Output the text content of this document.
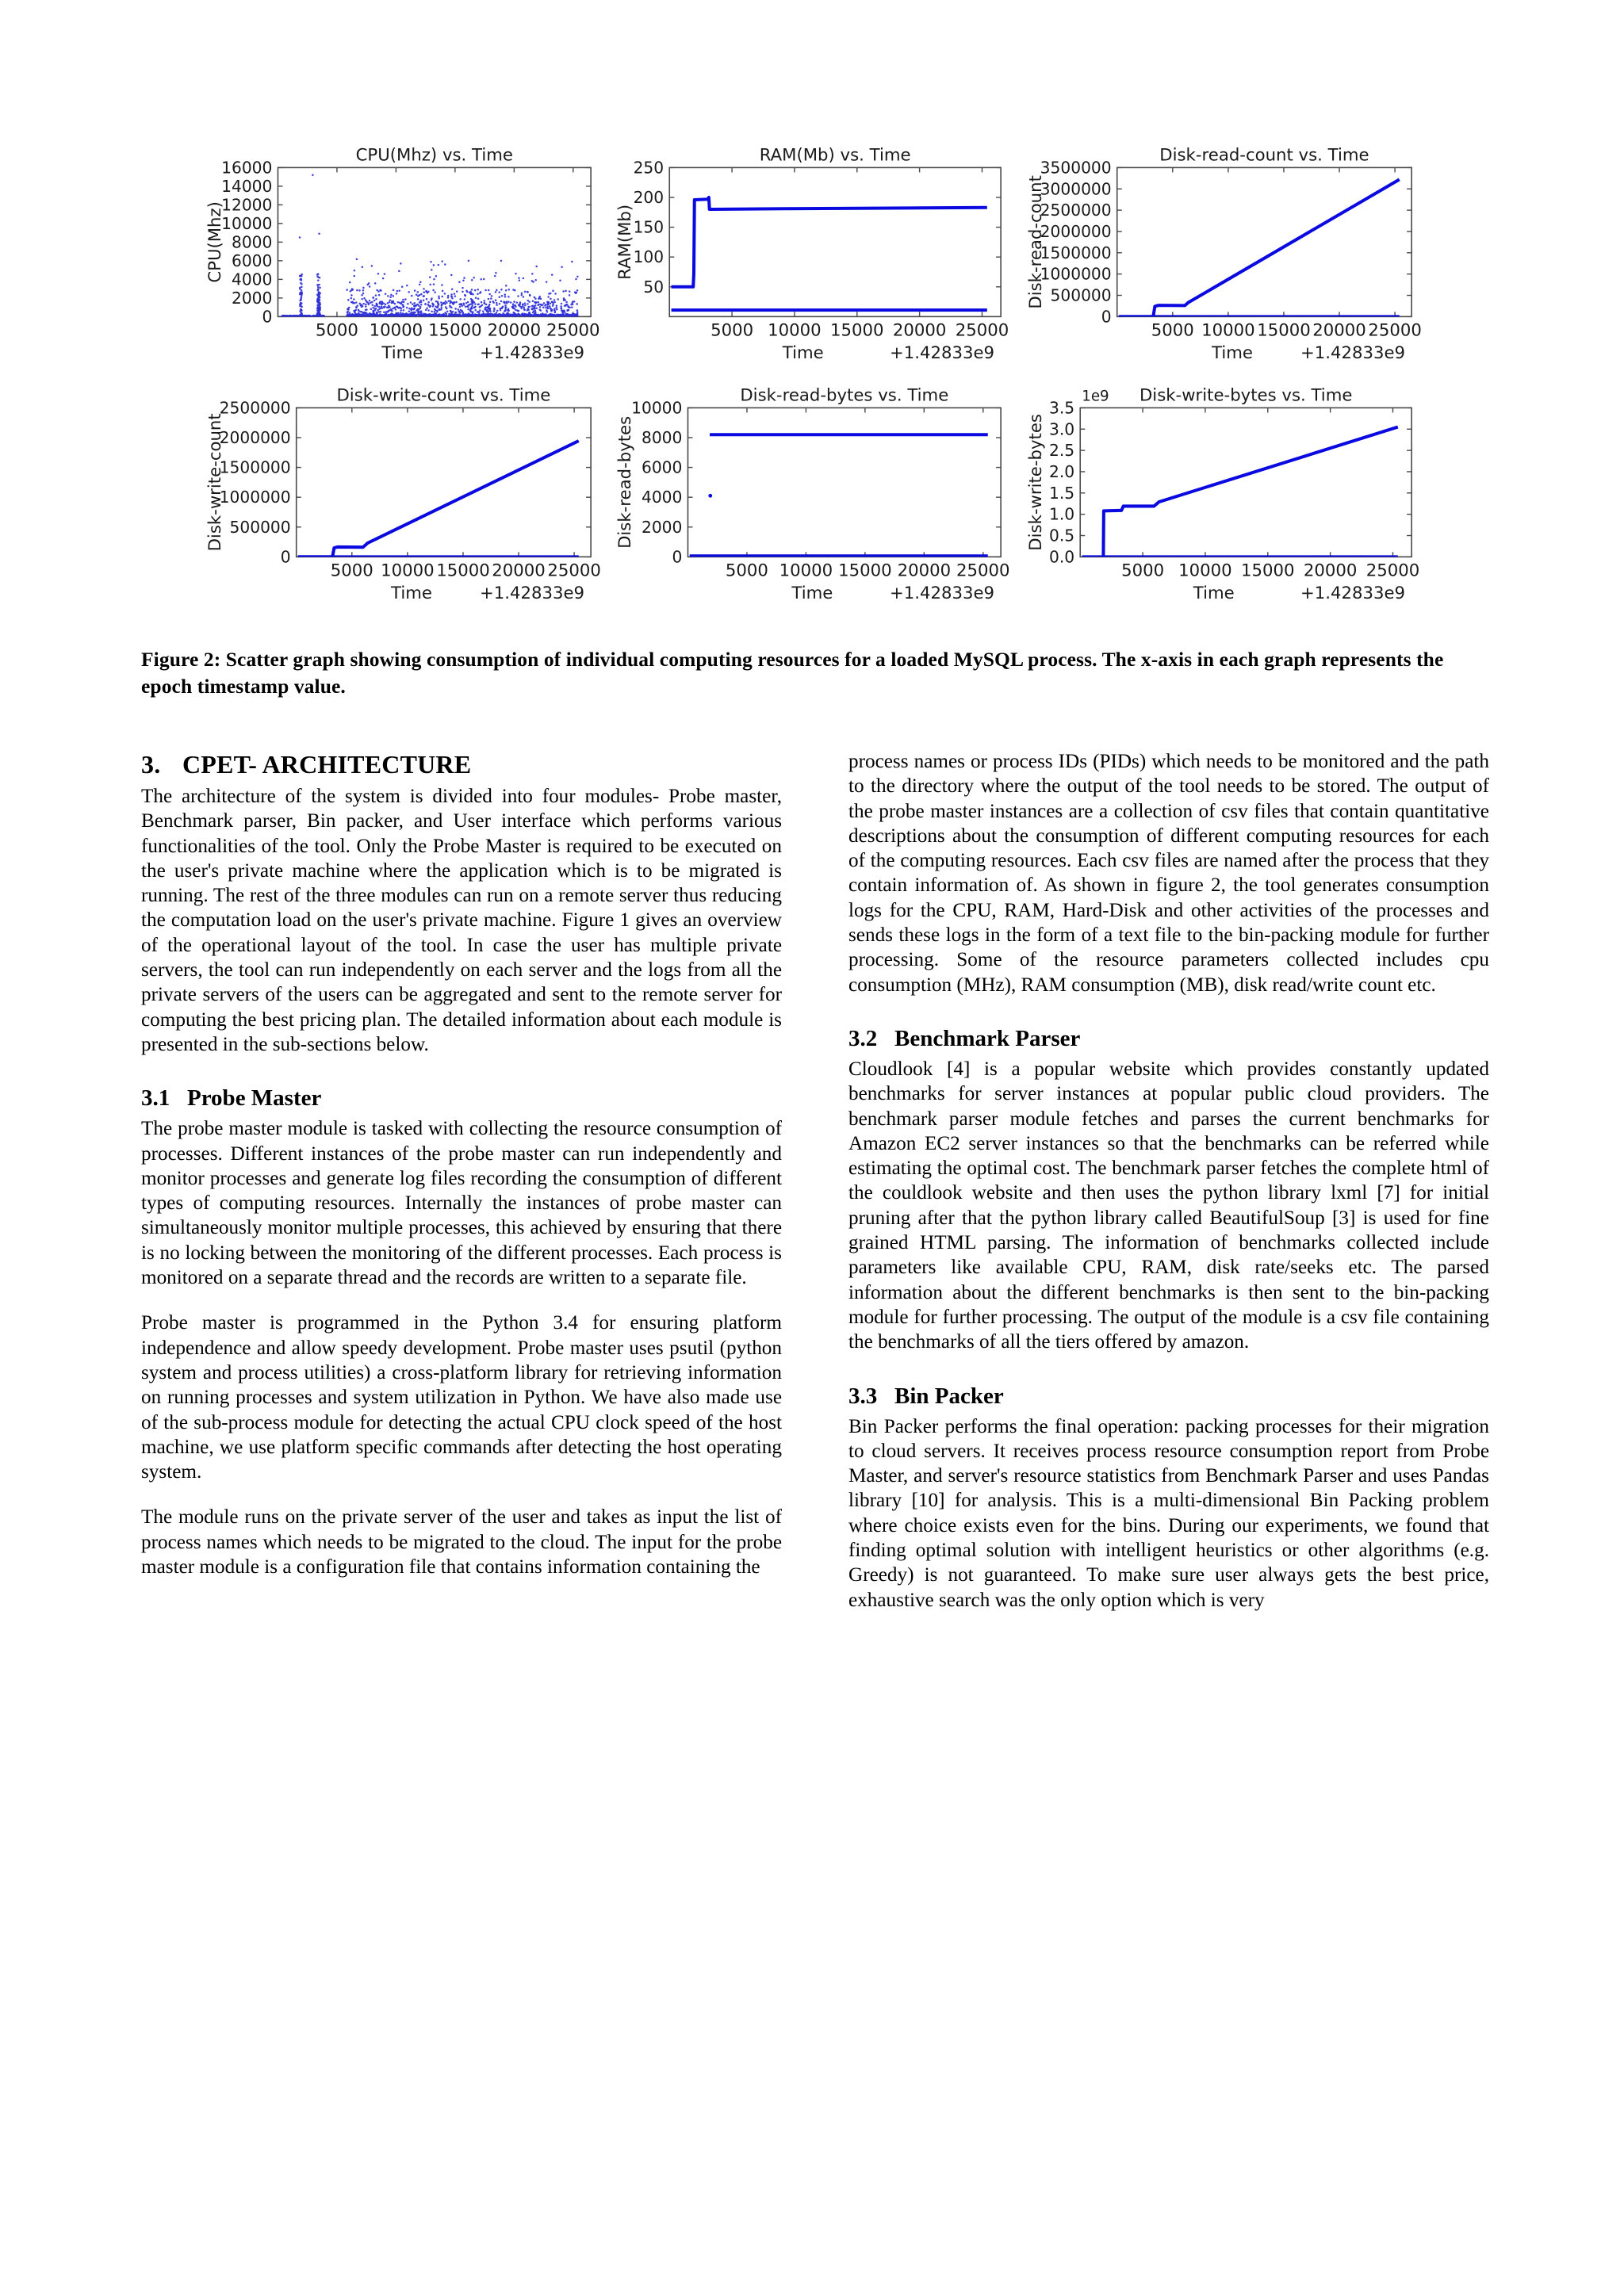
CPU(Mhz) vs. Time
0
2000
4000
6000
8000
10000
12000
14000
16000
5000 10000 15000 20000 25000
Time	+1.42833e9
CPU(Mhz)
RAM(Mb) vs. Time
50
100
150
200
250
5000 10000 15000 20000 25000
Time	+1.42833e9
RAM(Mb)
Disk-read-count vs. Time
0
500000
1000000
1500000
2000000
2500000
3000000
3500000
5000 10000 15000 20000 25000
Time	+1.42833e9
Disk-read-count
Disk-write-count vs. Time
0
500000
1000000
1500000
2000000
2500000
5000 10000 15000 20000 25000
Time	+1.42833e9
Disk-write-count
Disk-read-bytes vs. Time
0
2000
4000
6000
8000
10000
5000 10000 15000 20000 25000
Time	+1.42833e9
Disk-read-bytes
Disk-write-bytes vs. Time
1e9
0.0
0.5
1.0
1.5
2.0
2.5
3.0
3.5
5000 10000 15000 20000 25000
Time	+1.42833e9
Disk-write-bytes
Figure 2: Scatter graph showing consumption of individual computing resources for a loaded MySQL process. The x-axis in each graph represents the epoch timestamp value.
3. CPET- ARCHITECTURE

The architecture of the system is divided into four modules- Probe master, Benchmark parser, Bin packer, and User interface which performs various functionalities of the tool. Only the Probe Master is required to be executed on the user's private machine where the application which is to be migrated is running. The rest of the three modules can run on a remote server thus reducing the computation load on the user's private machine. Figure 1 gives an overview of the operational layout of the tool. In case the user has multiple private servers, the tool can run independently on each server and the logs from all the private servers of the users can be aggregated and sent to the remote server for computing the best pricing plan. The detailed information about each module is presented in the sub-sections below.

3.1 Probe Master

The probe master module is tasked with collecting the resource consumption of processes. Different instances of the probe master can run independently and monitor processes and generate log files recording the consumption of different types of computing resources. Internally the instances of probe master can simultaneously monitor multiple processes, this achieved by ensuring that there is no locking between the monitoring of the different processes. Each process is monitored on a separate thread and the records are written to a separate file.

Probe master is programmed in the Python 3.4 for ensuring platform independence and allow speedy development. Probe master uses psutil (python system and process utilities) a cross-platform library for retrieving information on running processes and system utilization in Python. We have also made use of the sub-process module for detecting the actual CPU clock speed of the host machine, we use platform specific commands after detecting the host operating system.

The module runs on the private server of the user and takes as input the list of process names which needs to be migrated to the cloud. The input for the probe master module is a configuration file that contains information containing the

process names or process IDs (PIDs) which needs to be monitored and the path to the directory where the output of the tool needs to be stored. The output of the probe master instances are a collection of csv files that contain quantitative descriptions about the consumption of different computing resources for each of the computing resources. Each csv files are named after the process that they contain information of. As shown in figure 2, the tool generates consumption logs for the CPU, RAM, Hard-Disk and other activities of the processes and sends these logs in the form of a text file to the bin-packing module for further processing. Some of the resource parameters collected includes cpu consumption (MHz), RAM consumption (MB), disk read/write count etc.

3.2 Benchmark Parser

Cloudlook [4] is a popular website which provides constantly updated benchmarks for server instances at popular public cloud providers. The benchmark parser module fetches and parses the current benchmarks for Amazon EC2 server instances so that the benchmarks can be referred while estimating the optimal cost. The benchmark parser fetches the complete html of the couldlook website and then uses the python library lxml [7] for initial pruning after that the python library called BeautifulSoup [3] is used for fine grained HTML parsing. The information of benchmarks collected include parameters like available CPU, RAM, disk rate/seeks etc. The parsed information about the different benchmarks is then sent to the bin-packing module for further processing. The output of the module is a csv file containing the benchmarks of all the tiers offered by amazon.

3.3 Bin Packer

Bin Packer performs the final operation: packing processes for their migration to cloud servers. It receives process resource consumption report from Probe Master, and server's resource statistics from Benchmark Parser and uses Pandas library [10] for analysis. This is a multi-dimensional Bin Packing problem where choice exists even for the bins. During our experiments, we found that finding optimal solution with intelligent heuristics or other algorithms (e.g. Greedy) is not guaranteed. To make sure user always gets the best price, exhaustive search was the only option which is very
